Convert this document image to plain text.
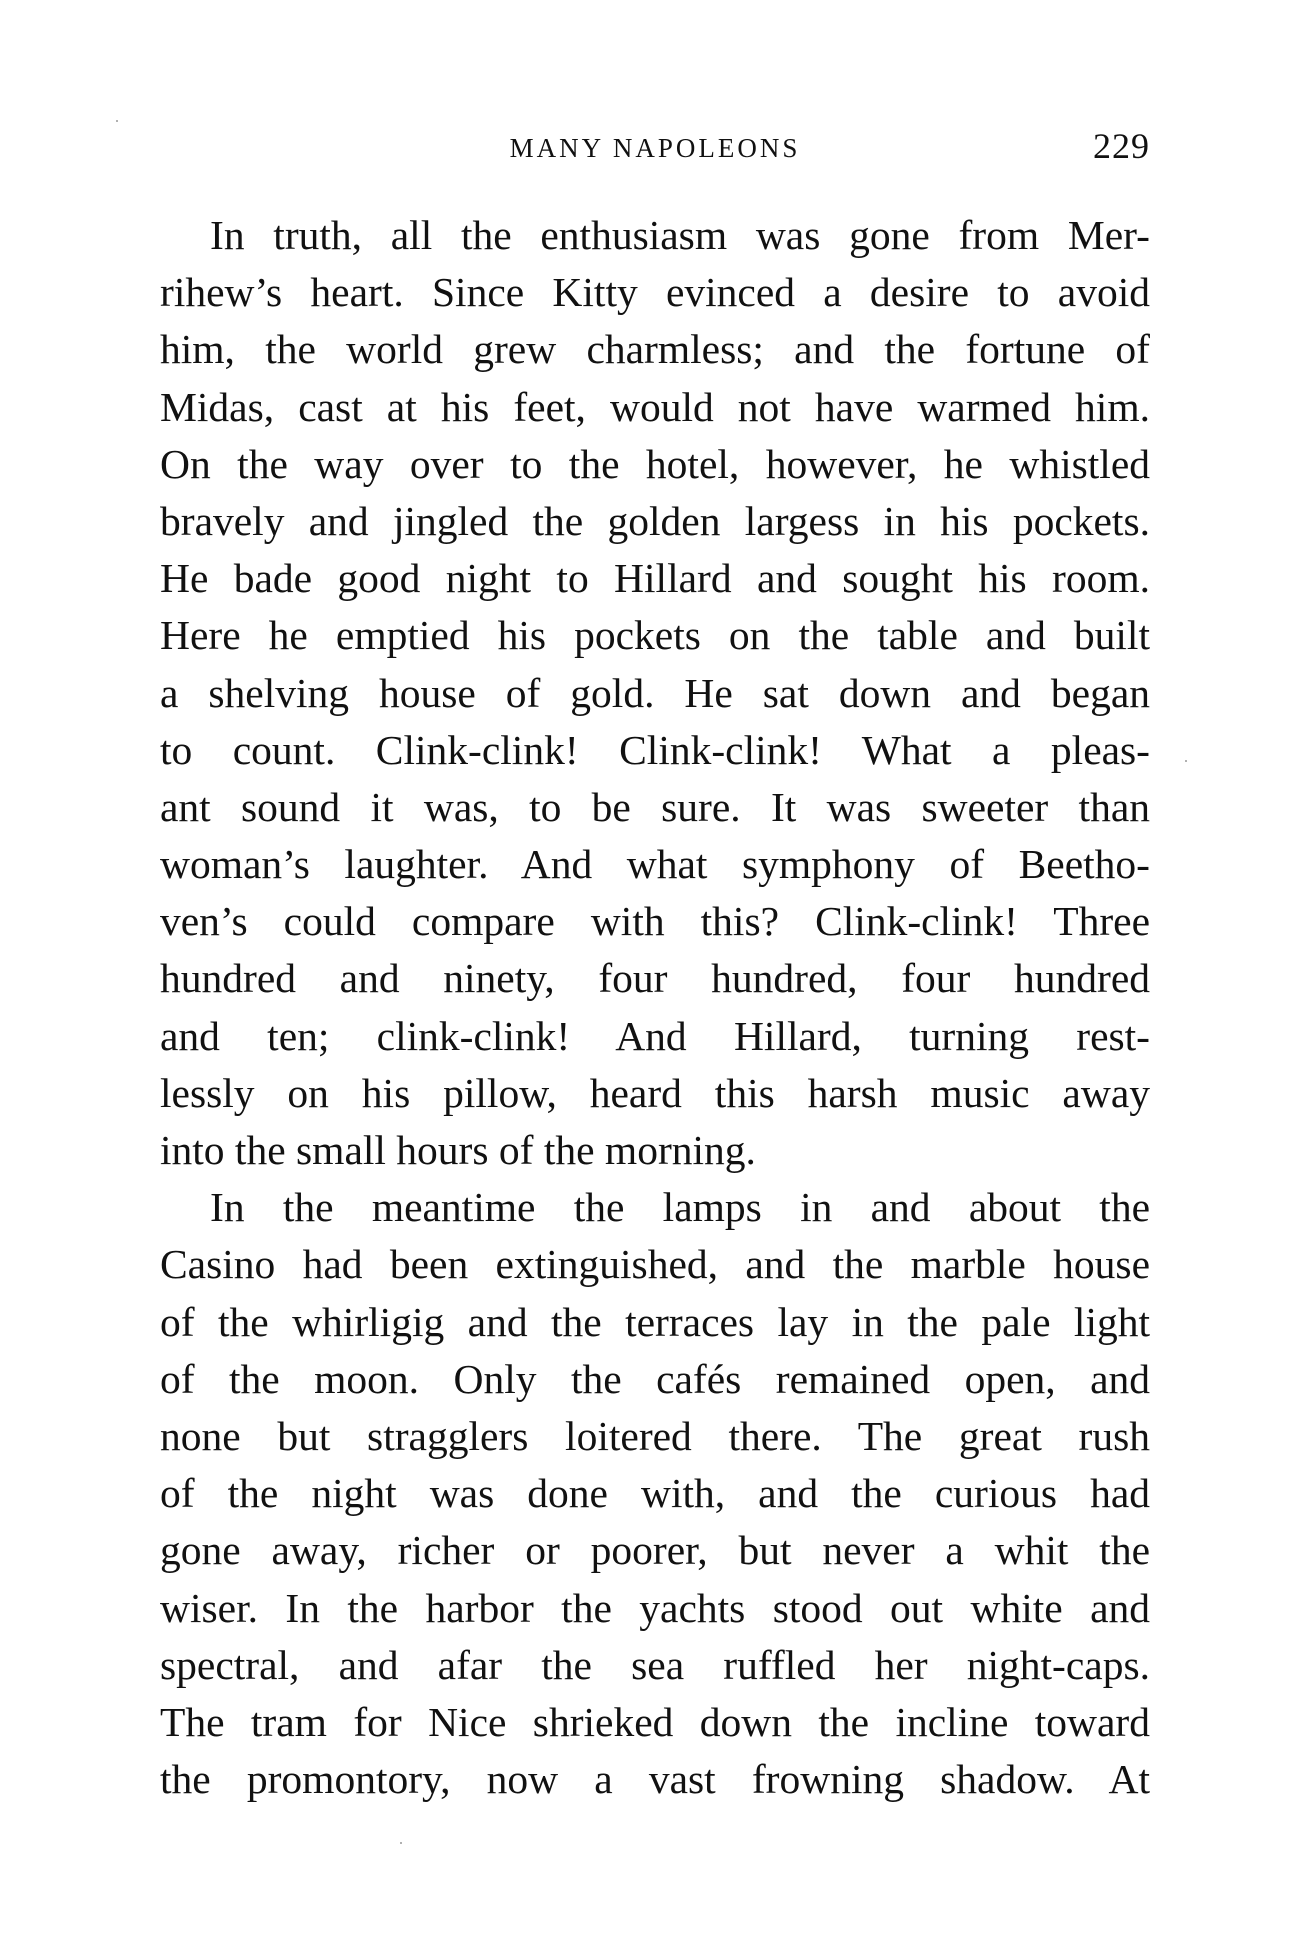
MANY NAPOLEONS	229
In truth, all the enthusiasm was gone from Mer-
rihew’s heart. Since Kitty evinced a desire to avoid
him, the world grew charmless; and the fortune of
Midas, cast at his feet, would not have warmed him.
On the way over to the hotel, however, he whistled
bravely and jingled the golden largess in his pockets.
He bade good night to Hillard and sought his room.
Here he emptied his pockets on the table and built
a shelving house of gold. He sat down and began
to count. Clink-clink! Clink-clink! What a pleas-
ant sound it was, to be sure. It was sweeter than
woman’s laughter. And what symphony of Beetho-
ven’s could compare with this? Clink-clink! Three
hundred and ninety, four hundred, four hundred
and ten; clink-clink! And Hillard, turning rest-
lessly on his pillow, heard this harsh music away
into the small hours of the morning.
In the meantime the lamps in and about the
Casino had been extinguished, and the marble house
of the whirligig and the terraces lay in the pale light
of the moon. Only the cafés remained open, and
none but stragglers loitered there. The great rush
of the night was done with, and the curious had
gone away, richer or poorer, but never a whit the
wiser. In the harbor the yachts stood out white and
spectral, and afar the sea ruffled her night-caps.
The tram for Nice shrieked down the incline toward
the promontory, now a vast frowning shadow. At
